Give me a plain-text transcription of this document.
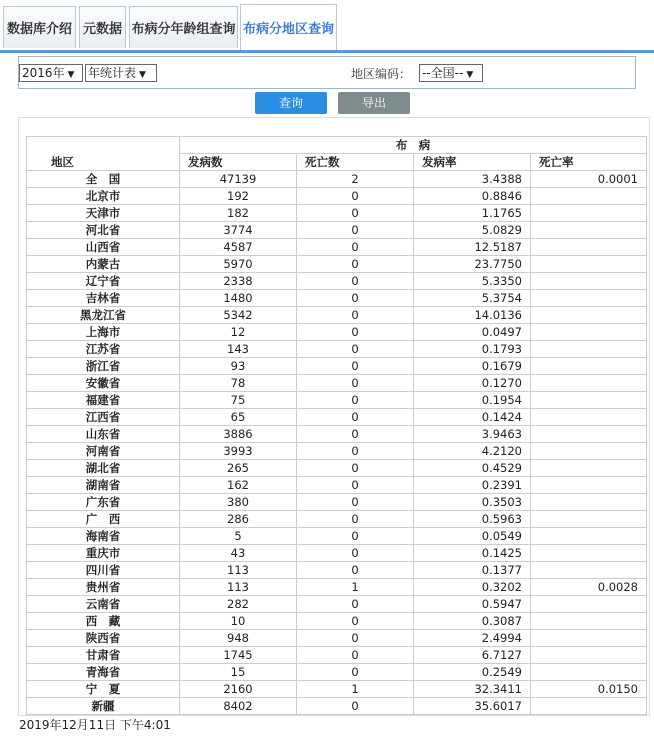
数据库介绍 元数据 布病分年龄组查询 布病分地区查询
2016年 ▼	年统计表 ▼	地区编码： --全国-- ▼
查询	导出
地区	布　病			
	发病数	死亡数	发病率	死亡率
全　国	47139	2	3.4388	0.0001
北京市	192	0	0.8846	
天津市	182	0	1.1765	
河北省	3774	0	5.0829	
山西省	4587	0	12.5187	
内蒙古	5970	0	23.7750	
辽宁省	2338	0	5.3350	
吉林省	1480	0	5.3754	
黑龙江省	5342	0	14.0136	
上海市	12	0	0.0497	
江苏省	143	0	0.1793	
浙江省	93	0	0.1679	
安徽省	78	0	0.1270	
福建省	75	0	0.1954	
江西省	65	0	0.1424	
山东省	3886	0	3.9463	
河南省	3993	0	4.2120	
湖北省	265	0	0.4529	
湖南省	162	0	0.2391	
广东省	380	0	0.3503	
广　西	286	0	0.5963	
海南省	5	0	0.0549	
重庆市	43	0	0.1425	
四川省	113	0	0.1377	
贵州省	113	1	0.3202	0.0028
云南省	282	0	0.5947	
西　藏	10	0	0.3087	
陕西省	948	0	2.4994	
甘肃省	1745	0	6.7127	
青海省	15	0	0.2549	
宁　夏	2160	1	32.3411	0.0150
新疆	8402	0	35.6017	
2019年12月11日 下午4:01
